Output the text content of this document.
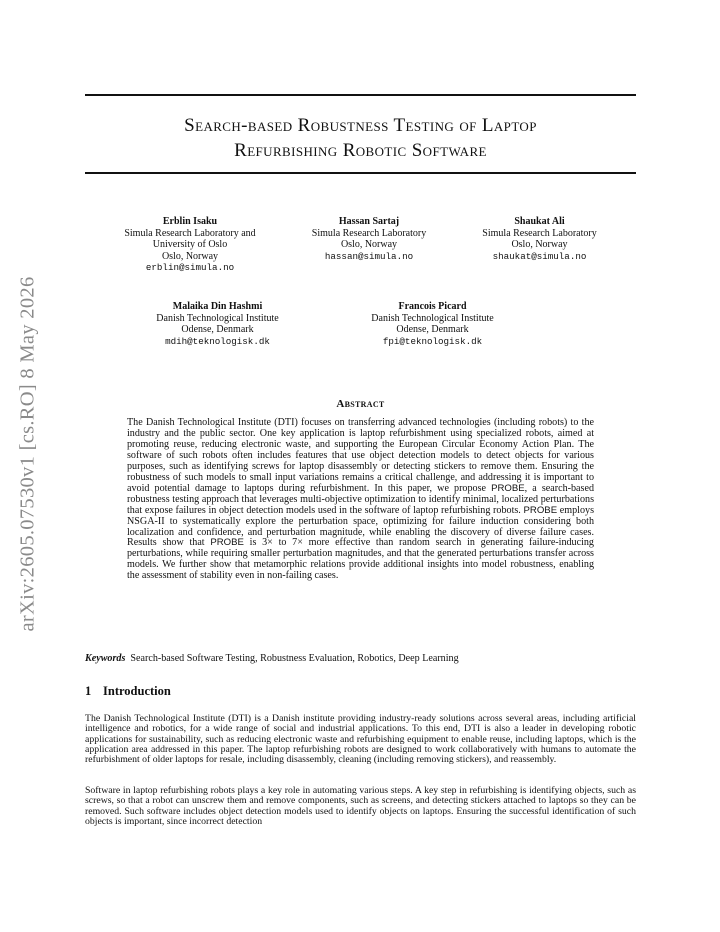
arXiv:2605.07530v1 [cs.RO] 8 May 2026
Search-based Robustness Testing of Laptop
Refurbishing Robotic Software
Erblin Isaku
Simula Research Laboratory and
University of Oslo
Oslo, Norway
erblin@simula.no
Hassan Sartaj
Simula Research Laboratory
Oslo, Norway
hassan@simula.no
Shaukat Ali
Simula Research Laboratory
Oslo, Norway
shaukat@simula.no
Malaika Din Hashmi
Danish Technological Institute
Odense, Denmark
mdih@teknologisk.dk
Francois Picard
Danish Technological Institute
Odense, Denmark
fpi@teknologisk.dk
Abstract
The Danish Technological Institute (DTI) focuses on transferring advanced technologies (including robots) to the industry and the public sector. One key application is laptop refurbishment using specialized robots, aimed at promoting reuse, reducing electronic waste, and supporting the European Circular Economy Action Plan. The software of such robots often includes features that use object detection models to detect objects for various purposes, such as identifying screws for laptop disassembly or detecting stickers to remove them. Ensuring the robustness of such models to small input variations remains a critical challenge, and addressing it is important to avoid potential damage to laptops during refurbishment. In this paper, we propose PROBE, a search-based robustness testing approach that leverages multi-objective optimization to identify minimal, localized perturbations that expose failures in object detection models used in the software of laptop refurbishing robots. PROBE employs NSGA-II to systematically explore the perturbation space, optimizing for failure induction considering both localization and confidence, and perturbation magnitude, while enabling the discovery of diverse failure cases. Results show that PROBE is 3× to 7× more effective than random search in generating failure-inducing perturbations, while requiring smaller perturbation magnitudes, and that the generated perturbations transfer across models. We further show that metamorphic relations provide additional insights into model robustness, enabling the assessment of stability even in non-failing cases.
Keywords Search-based Software Testing, Robustness Evaluation, Robotics, Deep Learning
1 Introduction
The Danish Technological Institute (DTI) is a Danish institute providing industry-ready solutions across several areas, including artificial intelligence and robotics, for a wide range of social and industrial applications. To this end, DTI is also a leader in developing robotic applications for sustainability, such as reducing electronic waste and refurbishing equipment to enable reuse, including laptops, which is the application area addressed in this paper. The laptop refurbishing robots are designed to work collaboratively with humans to automate the refurbishment of older laptops for resale, including disassembly, cleaning (including removing stickers), and reassembly.
Software in laptop refurbishing robots plays a key role in automating various steps. A key step in refurbishing is identifying objects, such as screws, so that a robot can unscrew them and remove components, such as screens, and detecting stickers attached to laptops so they can be removed. Such software includes object detection models used to identify objects on laptops. Ensuring the successful identification of such objects is important, since incorrect detection
